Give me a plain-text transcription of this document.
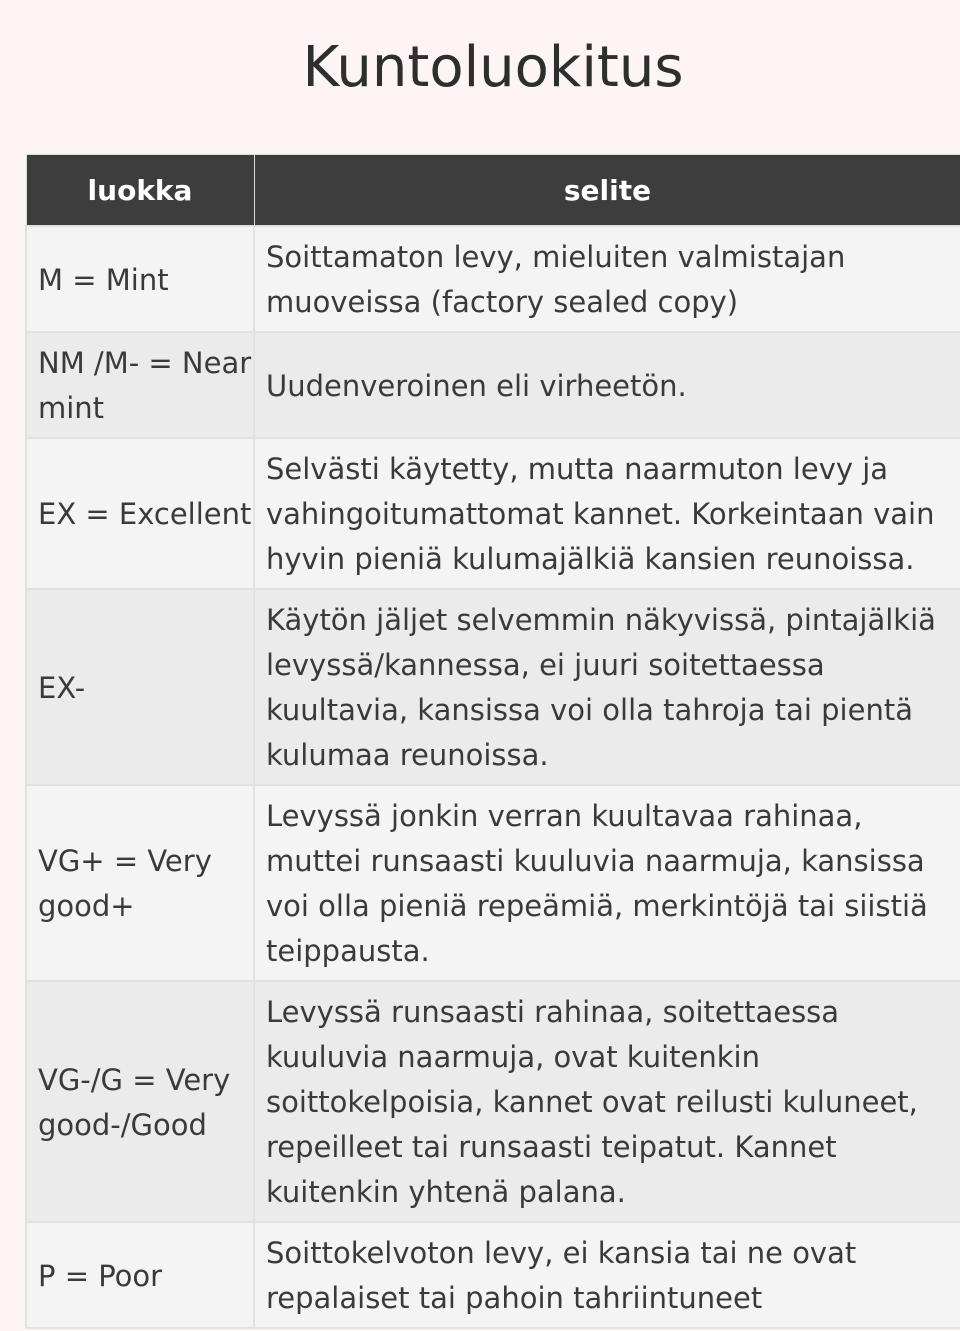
Kuntoluokitus
luokka	selite
M = Mint	Soittamaton levy, mieluiten valmistajan muoveissa (factory sealed copy)
NM /M- = Near mint	Uudenveroinen eli virheetön.
EX = Excellent	Selvästi käytetty, mutta naarmuton levy ja vahingoitumattomat kannet. Korkeintaan vain hyvin pieniä kulumajälkiä kansien reunoissa.
EX-	Käytön jäljet selvemmin näkyvissä, pintajälkiä levyssä/kannessa, ei juuri soitettaessa kuultavia, kansissa voi olla tahroja tai pientä kulumaa reunoissa.
VG+ = Very good+	Levyssä jonkin verran kuultavaa rahinaa, muttei runsaasti kuuluvia naarmuja, kansissa voi olla pieniä repeämiä, merkintöjä tai siistiä teippausta.
VG-/G = Very good-/Good	Levyssä runsaasti rahinaa, soitettaessa kuuluvia naarmuja, ovat kuitenkin soittokelpoisia, kannet ovat reilusti kuluneet, repeilleet tai runsaasti teipatut. Kannet kuitenkin yhtenä palana.
P = Poor	Soittokelvoton levy, ei kansia tai ne ovat repalaiset tai pahoin tahriintuneet
